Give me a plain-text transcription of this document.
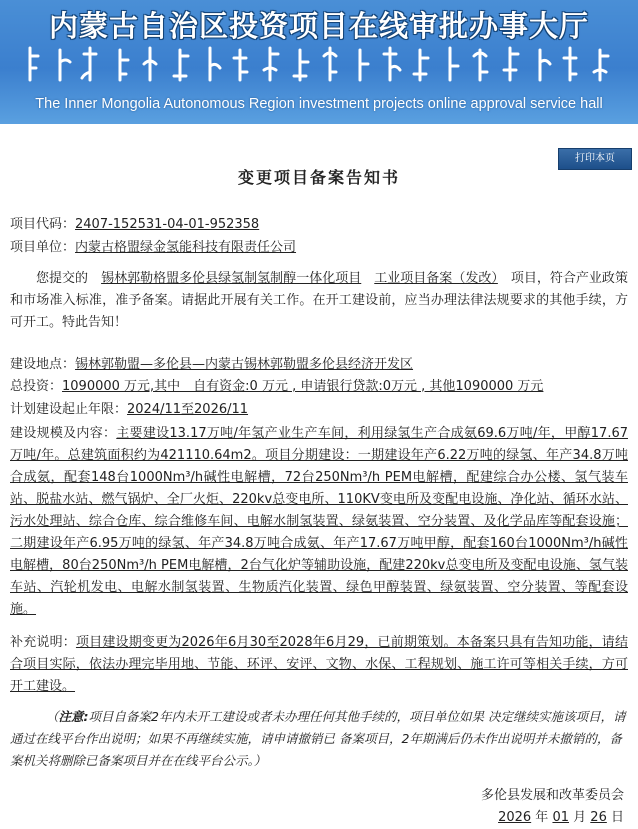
内蒙古自治区投资项目在线审批办事大厅
The Inner Mongolia Autonomous Region investment projects online approval service hall
打印本页
变更项目备案告知书
项目代码：2407-152531-04-01-952358
项目单位：内蒙古格盟绿金氢能科技有限责任公司
您提交的　 锡林郭勒格盟多伦县绿氢制氢制醇一体化项目　 工业项目备案（发改）　 项目，符合产业政策和市场准入标准，准予备案。请据此开展有关工作。在开工建设前，应当办理法律法规要求的其他手续，方可开工。特此告知！
建设地点：锡林郭勒盟—多伦县—内蒙古锡林郭勒盟多伦县经济开发区
总投资：1090000 万元,其中　自有资金:0 万元 , 申请银行贷款:0万元 , 其他1090000 万元
计划建设起止年限：2024/11至2026/11
建设规模及内容：主要建设13.17万吨/年氢产业生产车间，利用绿氢生产合成氨69.6万吨/年，甲醇17.67万吨/年。总建筑面积约为421110.64m2。项目分期建设：一期建设年产6.22万吨的绿氢、年产34.8万吨合成氨，配套148台1000Nm³/h碱性电解槽，72台250Nm³/h PEM电解槽，配建综合办公楼、氢气装车站、脱盐水站、燃气锅炉、全厂火炬、220kv总变电所、110KV变电所及变配电设施、净化站、循环水站、污水处理站、综合仓库、综合维修车间、电解水制氢装置、绿氨装置、空分装置、及化学品库等配套设施；二期建设年产6.95万吨的绿氢、年产34.8万吨合成氨、年产17.67万吨甲醇，配套160台1000Nm³/h碱性电解槽，80台250Nm³/h PEM电解槽，2台气化炉等辅助设施，配建220kv总变电所及变配电设施、氢气装车站、汽轮机发电、电解水制氢装置、生物质汽化装置、绿色甲醇装置、绿氨装置、空分装置、等配套设施。
补充说明：项目建设期变更为2026年6月30至2028年6月29，已前期策划。本备案只具有告知功能，请结合项目实际，依法办理完毕用地、节能、环评、安评、文物、水保、工程规划、施工许可等相关手续，方可开工建设。
（注意:项目自备案2年内未开工建设或者未办理任何其他手续的，项目单位如果 决定继续实施该项目，请通过在线平台作出说明；如果不再继续实施，请申请撤销已 备案项目，2年期满后仍未作出说明并未撤销的，备案机关将删除已备案项目并在在线平台公示。）
多伦县发展和改革委员会
2026 年 01 月 26 日
